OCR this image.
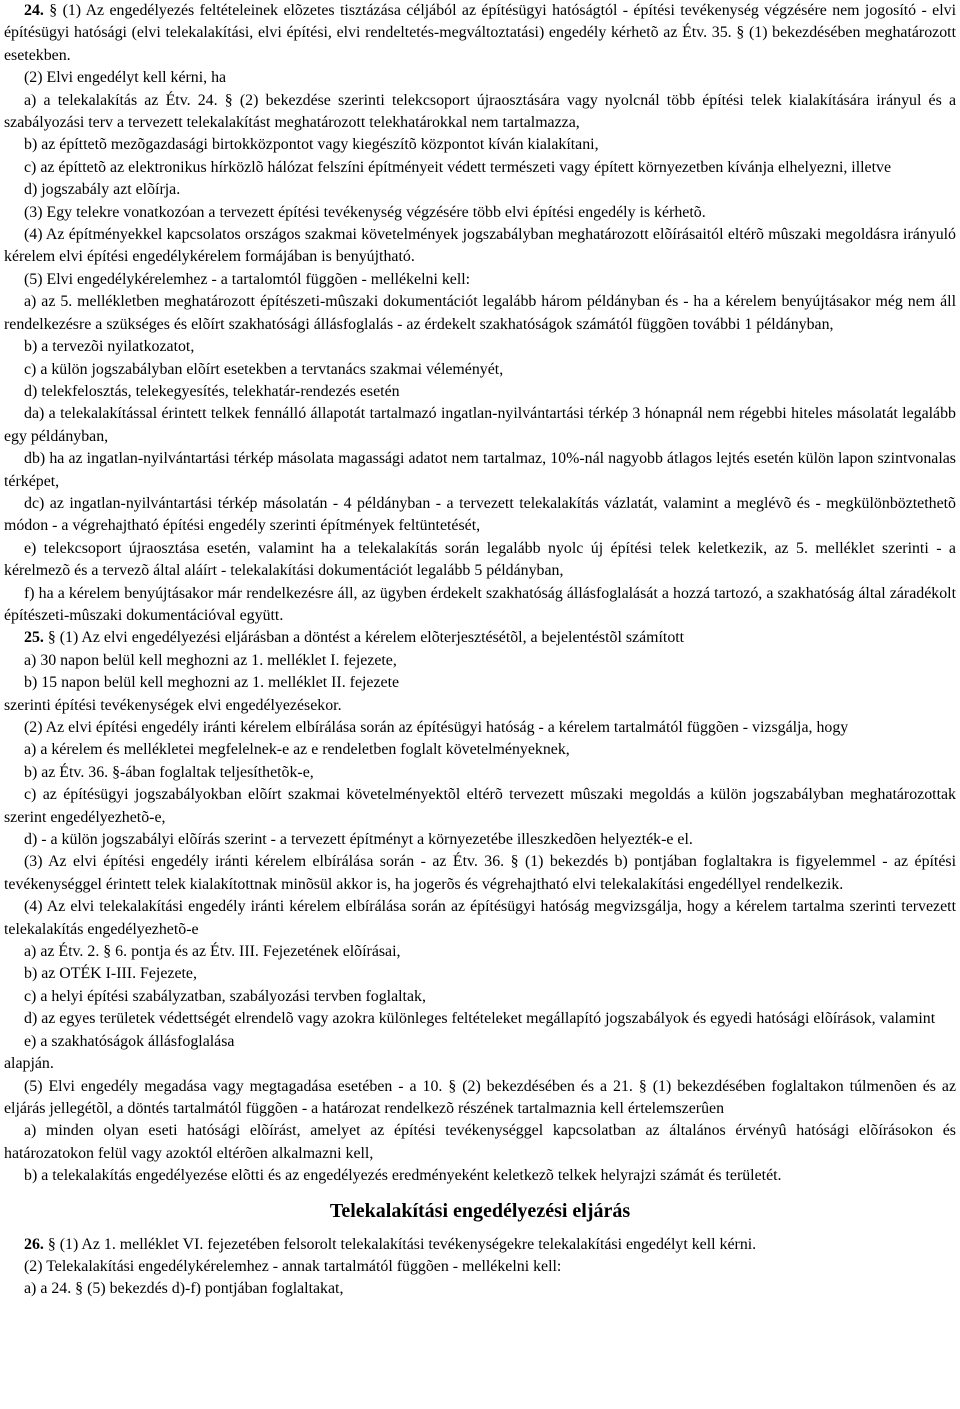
24. § (1) Az engedélyezés feltételeinek elõzetes tisztázása céljából az építésügyi hatóságtól - építési tevékenység végzésére nem jogosító - elvi építésügyi hatósági (elvi telekalakítási, elvi építési, elvi rendeltetés-megváltoztatási) engedély kérhetõ az Étv. 35. § (1) bekezdésében meghatározott esetekben.

(2) Elvi engedélyt kell kérni, ha

a) a telekalakítás az Étv. 24. § (2) bekezdése szerinti telekcsoport újraosztására vagy nyolcnál több építési telek kialakítására irányul és a szabályozási terv a tervezett telekalakítást meghatározott telekhatárokkal nem tartalmazza,

b) az építtetõ mezõgazdasági birtokközpontot vagy kiegészítõ központot kíván kialakítani,

c) az építtetõ az elektronikus hírközlõ hálózat felszíni építményeit védett természeti vagy épített környezetben kívánja elhelyezni, illetve

d) jogszabály azt elõírja.

(3) Egy telekre vonatkozóan a tervezett építési tevékenység végzésére több elvi építési engedély is kérhetõ.

(4) Az építményekkel kapcsolatos országos szakmai követelmények jogszabályban meghatározott elõírásaitól eltérõ mûszaki megoldásra irányuló kérelem elvi építési engedélykérelem formájában is benyújtható.

(5) Elvi engedélykérelemhez - a tartalomtól függõen - mellékelni kell:

a) az 5. mellékletben meghatározott építészeti-mûszaki dokumentációt legalább három példányban és - ha a kérelem benyújtásakor még nem áll rendelkezésre a szükséges és elõírt szakhatósági állásfoglalás - az érdekelt szakhatóságok számától függõen további 1 példányban,

b) a tervezõi nyilatkozatot,

c) a külön jogszabályban elõírt esetekben a tervtanács szakmai véleményét,

d) telekfelosztás, telekegyesítés, telekhatár-rendezés esetén

da) a telekalakítással érintett telkek fennálló állapotát tartalmazó ingatlan-nyilvántartási térkép 3 hónapnál nem régebbi hiteles másolatát legalább egy példányban,

db) ha az ingatlan-nyilvántartási térkép másolata magassági adatot nem tartalmaz, 10%-nál nagyobb átlagos lejtés esetén külön lapon szintvonalas térképet,

dc) az ingatlan-nyilvántartási térkép másolatán - 4 példányban - a tervezett telekalakítás vázlatát, valamint a meglévõ és - megkülönböztethetõ módon - a végrehajtható építési engedély szerinti építmények feltüntetését,

e) telekcsoport újraosztása esetén, valamint ha a telekalakítás során legalább nyolc új építési telek keletkezik, az 5. melléklet szerinti - a kérelmezõ és a tervezõ által aláírt - telekalakítási dokumentációt legalább 5 példányban,

f) ha a kérelem benyújtásakor már rendelkezésre áll, az ügyben érdekelt szakhatóság állásfoglalását a hozzá tartozó, a szakhatóság által záradékolt építészeti-mûszaki dokumentációval együtt.

25. § (1) Az elvi engedélyezési eljárásban a döntést a kérelem elõterjesztésétõl, a bejelentéstõl számított

a) 30 napon belül kell meghozni az 1. melléklet I. fejezete,

b) 15 napon belül kell meghozni az 1. melléklet II. fejezete

szerinti építési tevékenységek elvi engedélyezésekor.

(2) Az elvi építési engedély iránti kérelem elbírálása során az építésügyi hatóság - a kérelem tartalmától függõen - vizsgálja, hogy

a) a kérelem és mellékletei megfelelnek-e az e rendeletben foglalt követelményeknek,

b) az Étv. 36. §-ában foglaltak teljesíthetõk-e,

c) az építésügyi jogszabályokban elõírt szakmai követelményektõl eltérõ tervezett mûszaki megoldás a külön jogszabályban meghatározottak szerint engedélyezhetõ-e,

d) - a külön jogszabályi elõírás szerint - a tervezett építményt a környezetébe illeszkedõen helyezték-e el.

(3) Az elvi építési engedély iránti kérelem elbírálása során - az Étv. 36. § (1) bekezdés b) pontjában foglaltakra is figyelemmel - az építési tevékenységgel érintett telek kialakítottnak minõsül akkor is, ha jogerõs és végrehajtható elvi telekalakítási engedéllyel rendelkezik.

(4) Az elvi telekalakítási engedély iránti kérelem elbírálása során az építésügyi hatóság megvizsgálja, hogy a kérelem tartalma szerinti tervezett telekalakítás engedélyezhetõ-e

a) az Étv. 2. § 6. pontja és az Étv. III. Fejezetének elõírásai,

b) az OTÉK I-III. Fejezete,

c) a helyi építési szabályzatban, szabályozási tervben foglaltak,

d) az egyes területek védettségét elrendelõ vagy azokra különleges feltételeket megállapító jogszabályok és egyedi hatósági elõírások, valamint

e) a szakhatóságok állásfoglalása

alapján.

(5) Elvi engedély megadása vagy megtagadása esetében - a 10. § (2) bekezdésében és a 21. § (1) bekezdésében foglaltakon túlmenõen és az eljárás jellegétõl, a döntés tartalmától függõen - a határozat rendelkezõ részének tartalmaznia kell értelemszerûen

a) minden olyan eseti hatósági elõírást, amelyet az építési tevékenységgel kapcsolatban az általános érvényû hatósági elõírásokon és határozatokon felül vagy azoktól eltérõen alkalmazni kell,

b) a telekalakítás engedélyezése elõtti és az engedélyezés eredményeként keletkezõ telkek helyrajzi számát és területét.

Telekalakítási engedélyezési eljárás

26. § (1) Az 1. melléklet VI. fejezetében felsorolt telekalakítási tevékenységekre telekalakítási engedélyt kell kérni.

(2) Telekalakítási engedélykérelemhez - annak tartalmától függõen - mellékelni kell:

a) a 24. § (5) bekezdés d)-f) pontjában foglaltakat,
